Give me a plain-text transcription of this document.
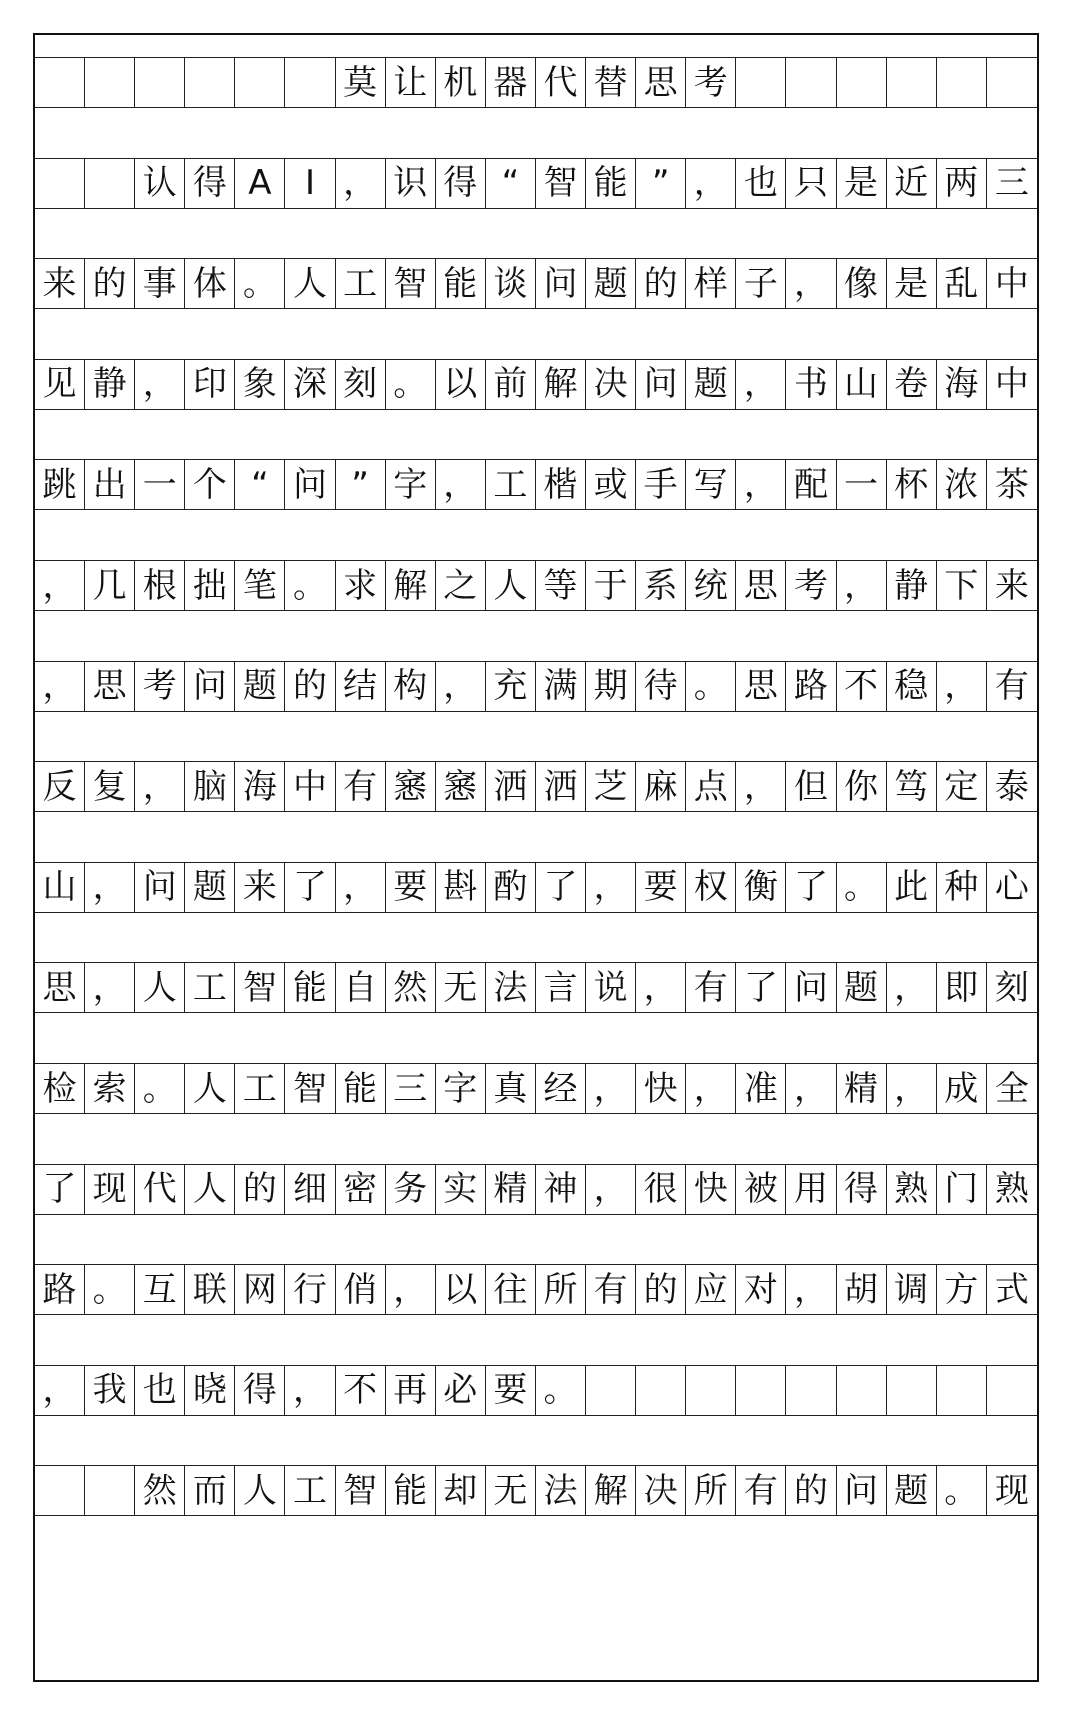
莫 让 机 器 代 替 思 考
认 得 A I ， 识 得 “ 智 能 ” ， 也 只 是 近 两 三
来 的 事 体 。 人 工 智 能 谈 问 题 的 样 子 ， 像 是 乱 中
见 静 ， 印 象 深 刻 。 以 前 解 决 问 题 ， 书 山 卷 海 中
跳 出 一 个 “ 问 ” 字 ， 工 楷 或 手 写 ， 配 一 杯 浓 茶
， 几 根 拙 笔 。 求 解 之 人 等 于 系 统 思 考 ， 静 下 来
， 思 考 问 题 的 结 构 ， 充 满 期 待 。 思 路 不 稳 ， 有
反 复 ， 脑 海 中 有 窸 窸 洒 洒 芝 麻 点 ， 但 你 笃 定 泰
山 ， 问 题 来 了 ， 要 斟 酌 了 ， 要 权 衡 了 。 此 种 心
思 ， 人 工 智 能 自 然 无 法 言 说 ， 有 了 问 题 ， 即 刻
检 索 。 人 工 智 能 三 字 真 经 ， 快 ， 准 ， 精 ， 成 全
了 现 代 人 的 细 密 务 实 精 神 ， 很 快 被 用 得 熟 门 熟
路 。 互 联 网 行 俏 ， 以 往 所 有 的 应 对 ， 胡 调 方 式
， 我 也 晓 得 ， 不 再 必 要 。
然 而 人 工 智 能 却 无 法 解 决 所 有 的 问 题 。 现
